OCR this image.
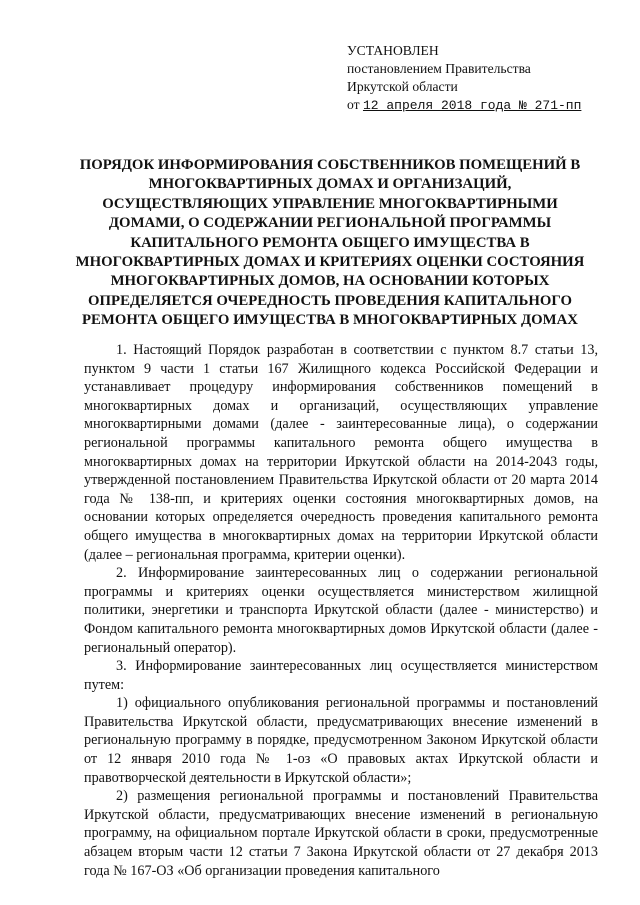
УСТАНОВЛЕН
постановлением Правительства
Иркутской области
от 12 апреля 2018 года № 271-пп
ПОРЯДОК ИНФОРМИРОВАНИЯ СОБСТВЕННИКОВ ПОМЕЩЕНИЙ В
МНОГОКВАРТИРНЫХ ДОМАХ И ОРГАНИЗАЦИЙ,
ОСУЩЕСТВЛЯЮЩИХ УПРАВЛЕНИЕ МНОГОКВАРТИРНЫМИ
ДОМАМИ, О СОДЕРЖАНИИ РЕГИОНАЛЬНОЙ ПРОГРАММЫ
КАПИТАЛЬНОГО РЕМОНТА ОБЩЕГО ИМУЩЕСТВА В
МНОГОКВАРТИРНЫХ ДОМАХ И КРИТЕРИЯХ ОЦЕНКИ СОСТОЯНИЯ
МНОГОКВАРТИРНЫХ ДОМОВ, НА ОСНОВАНИИ КОТОРЫХ
ОПРЕДЕЛЯЕТСЯ ОЧЕРЕДНОСТЬ ПРОВЕДЕНИЯ КАПИТАЛЬНОГО
РЕМОНТА ОБЩЕГО ИМУЩЕСТВА В МНОГОКВАРТИРНЫХ ДОМАХ

1. Настоящий Порядок разработан в соответствии с пунктом 8.7 статьи 13, пунктом 9 части 1 статьи 167 Жилищного кодекса Российской Федерации и устанавливает процедуру информирования собственников помещений в многоквартирных домах и организаций, осуществляющих управление многоквартирными домами (далее - заинтересованные лица), о содержании региональной программы капитального ремонта общего имущества в многоквартирных домах на территории Иркутской области на 2014-2043 годы, утвержденной постановлением Правительства Иркутской области от 20 марта 2014 года № 138-пп, и критериях оценки состояния многоквартирных домов, на основании которых определяется очередность проведения капитального ремонта общего имущества в многоквартирных домах на территории Иркутской области (далее – региональная программа, критерии оценки).

2. Информирование заинтересованных лиц о содержании региональной программы и критериях оценки осуществляется министерством жилищной политики, энергетики и транспорта Иркутской области (далее - министерство) и Фондом капитального ремонта многоквартирных домов Иркутской области (далее - региональный оператор).

3. Информирование заинтересованных лиц осуществляется министерством путем:

1) официального опубликования региональной программы и постановлений Правительства Иркутской области, предусматривающих внесение изменений в региональную программу в порядке, предусмотренном Законом Иркутской области от 12 января 2010 года № 1-оз «О правовых актах Иркутской области и правотворческой деятельности в Иркутской области»;

2) размещения региональной программы и постановлений Правительства Иркутской области, предусматривающих внесение изменений в региональную программу, на официальном портале Иркутской области в сроки, предусмотренные абзацем вторым части 12 статьи 7 Закона Иркутской области от 27 декабря 2013 года № 167-ОЗ «Об организации проведения капитального
